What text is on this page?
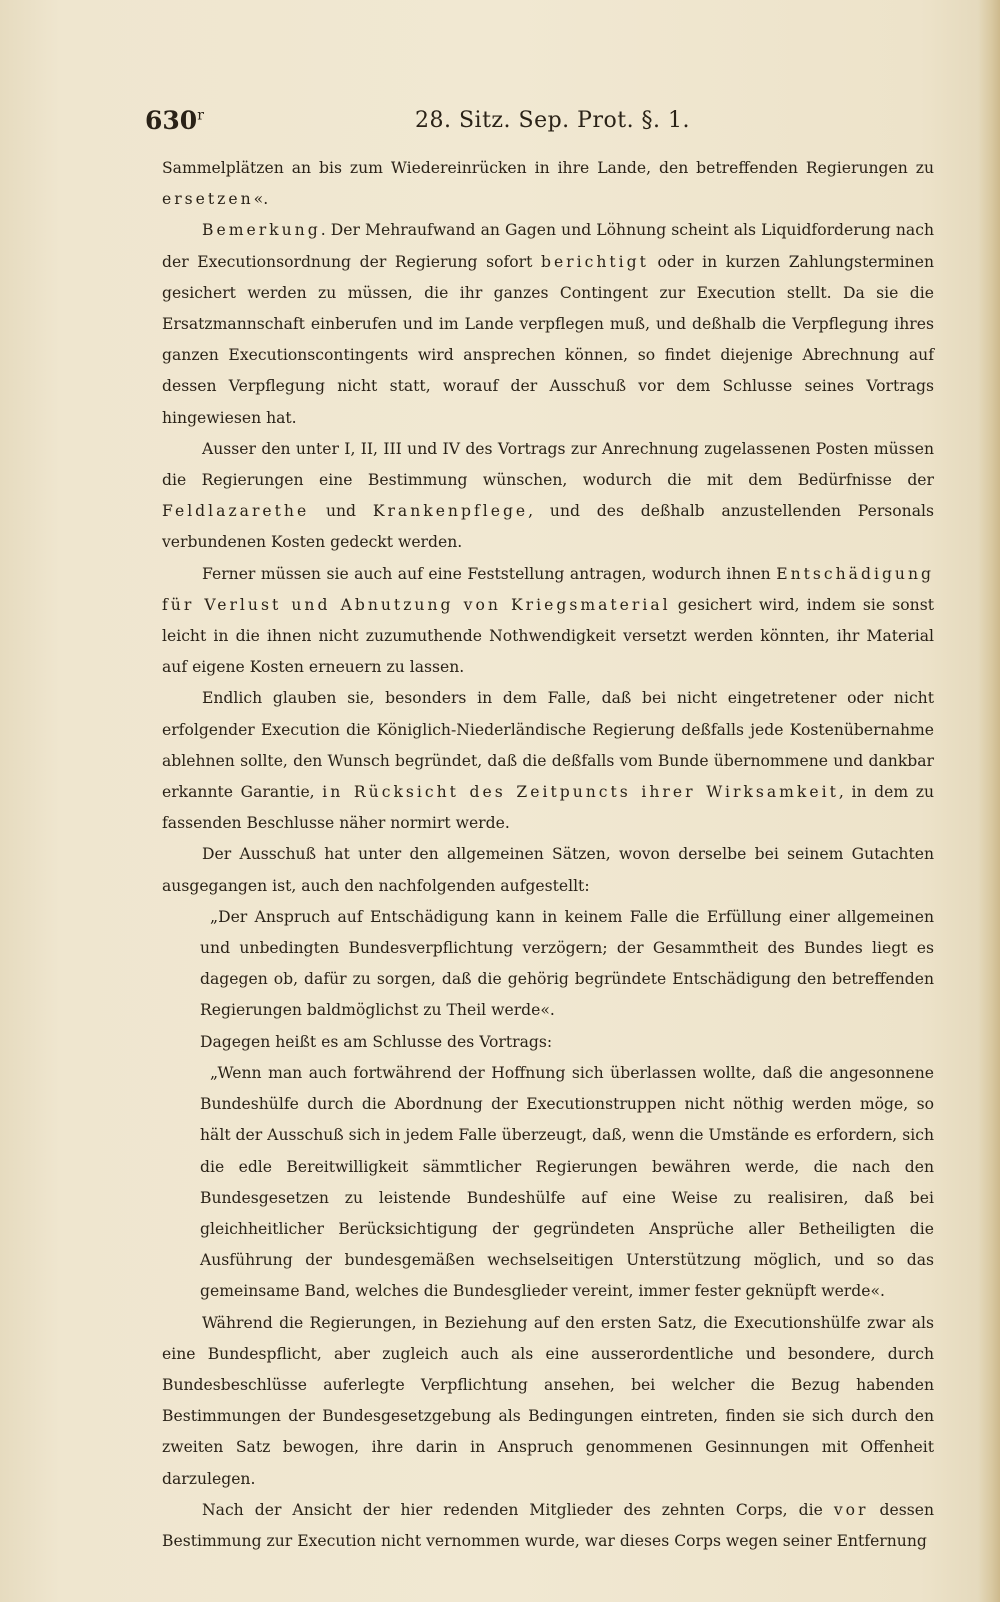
630$^r$	28. Sitz. Sep. Prot. §. 1.

Sammelplätzen an bis zum Wiedereinrücken in ihre Lande, den betreffenden Regierungen zu ersetzen«.

Bemerkung. Der Mehraufwand an Gagen und Löhnung scheint als Liquidforderung nach der Executionsordnung der Regierung sofort berichtigt oder in kurzen Zahlungsterminen gesichert werden zu müssen, die ihr ganzes Contingent zur Execution stellt. Da sie die Ersatzmannschaft einberufen und im Lande verpflegen muß, und deßhalb die Verpflegung ihres ganzen Executionscontingents wird ansprechen können, so findet diejenige Abrechnung auf dessen Verpflegung nicht statt, worauf der Ausschuß vor dem Schlusse seines Vortrags hingewiesen hat.

Ausser den unter I, II, III und IV des Vortrags zur Anrechnung zugelassenen Posten müssen die Regierungen eine Bestimmung wünschen, wodurch die mit dem Bedürfnisse der Feldlazarethe und Krankenpflege, und des deßhalb anzustellenden Personals verbundenen Kosten gedeckt werden.

Ferner müssen sie auch auf eine Feststellung antragen, wodurch ihnen Entschädigung für Verlust und Abnutzung von Kriegsmaterial gesichert wird, indem sie sonst leicht in die ihnen nicht zuzumuthende Nothwendigkeit versetzt werden könnten, ihr Material auf eigene Kosten erneuern zu lassen.

Endlich glauben sie, besonders in dem Falle, daß bei nicht eingetretener oder nicht erfolgender Execution die Königlich-Niederländische Regierung deßfalls jede Kostenübernahme ablehnen sollte, den Wunsch begründet, daß die deßfalls vom Bunde übernommene und dankbar erkannte Garantie, in Rücksicht des Zeitpuncts ihrer Wirksamkeit, in dem zu fassenden Beschlusse näher normirt werde.

Der Ausschuß hat unter den allgemeinen Sätzen, wovon derselbe bei seinem Gutachten ausgegangen ist, auch den nachfolgenden aufgestellt:

„Der Anspruch auf Entschädigung kann in keinem Falle die Erfüllung einer allgemeinen und unbedingten Bundesverpflichtung verzögern; der Gesammtheit des Bundes liegt es dagegen ob, dafür zu sorgen, daß die gehörig begründete Entschädigung den betreffenden Regierungen baldmöglichst zu Theil werde«.

Dagegen heißt es am Schlusse des Vortrags:

„Wenn man auch fortwährend der Hoffnung sich überlassen wollte, daß die angesonnene Bundeshülfe durch die Abordnung der Executionstruppen nicht nöthig werden möge, so hält der Ausschuß sich in jedem Falle überzeugt, daß, wenn die Umstände es erfordern, sich die edle Bereitwilligkeit sämmtlicher Regierungen bewähren werde, die nach den Bundesgesetzen zu leistende Bundeshülfe auf eine Weise zu realisiren, daß bei gleichheitlicher Berücksichtigung der gegründeten Ansprüche aller Betheiligten die Ausführung der bundesgemäßen wechselseitigen Unterstützung möglich, und so das gemeinsame Band, welches die Bundesglieder vereint, immer fester geknüpft werde«.

Während die Regierungen, in Beziehung auf den ersten Satz, die Executionshülfe zwar als eine Bundespflicht, aber zugleich auch als eine ausserordentliche und besondere, durch Bundesbeschlüsse auferlegte Verpflichtung ansehen, bei welcher die Bezug habenden Bestimmungen der Bundesgesetzgebung als Bedingungen eintreten, finden sie sich durch den zweiten Satz bewogen, ihre darin in Anspruch genommenen Gesinnungen mit Offenheit darzulegen.

Nach der Ansicht der hier redenden Mitglieder des zehnten Corps, die vor dessen Bestimmung zur Execution nicht vernommen wurde, war dieses Corps wegen seiner Entfernung
